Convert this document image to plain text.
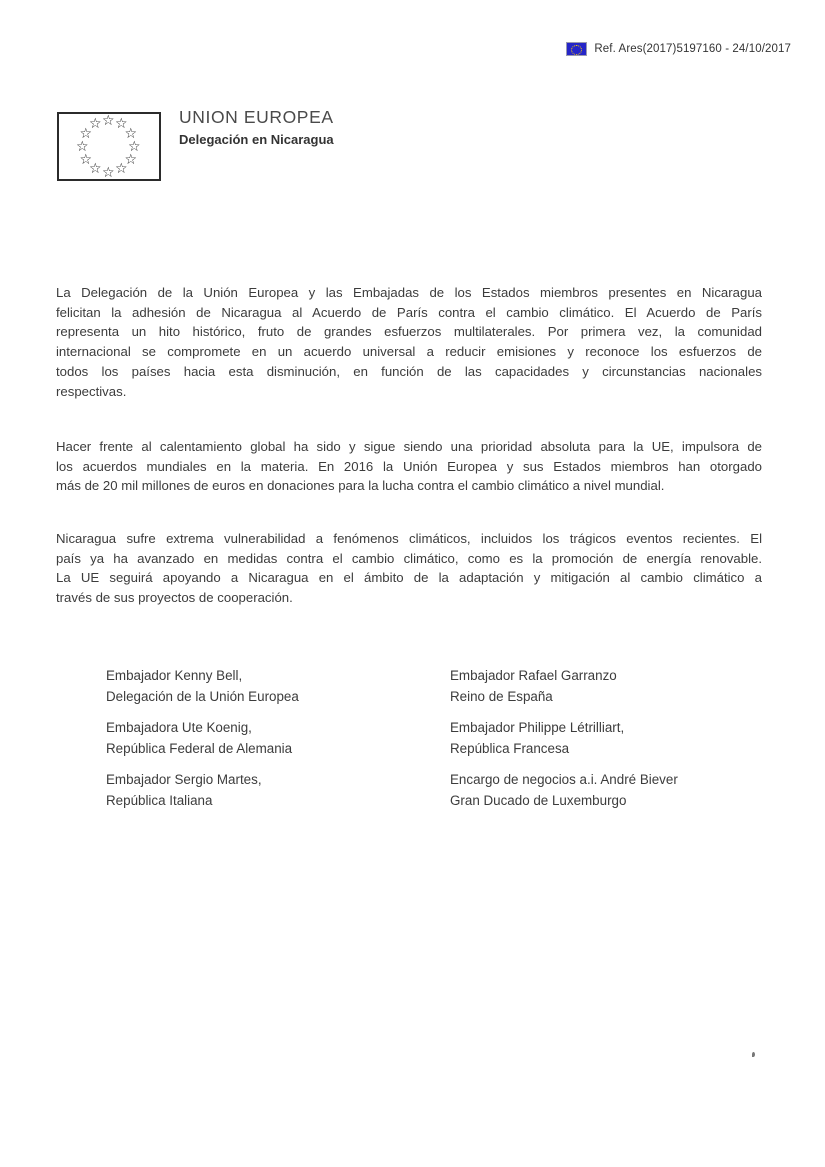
Ref. Ares(2017)5197160 - 24/10/2017
☆ ☆
☆
☆
☆
☆
☆
☆
☆
☆
☆
☆	UNION EUROPEA
Delegación en Nicaragua
La Delegación de la Unión Europea y las Embajadas de los Estados miembros presentes en Nicaragua
felicitan la adhesión de Nicaragua al Acuerdo de París contra el cambio climático. El Acuerdo de París
representa un hito histórico, fruto de grandes esfuerzos multilaterales. Por primera vez, la comunidad
internacional se compromete en un acuerdo universal a reducir emisiones y reconoce los esfuerzos de
todos los países hacia esta disminución, en función de las capacidades y circunstancias nacionales
respectivas.
Hacer frente al calentamiento global ha sido y sigue siendo una prioridad absoluta para la UE, impulsora de
los acuerdos mundiales en la materia. En 2016 la Unión Europea y sus Estados miembros han otorgado
más de 20 mil millones de euros en donaciones para la lucha contra el cambio climático a nivel mundial.
Nicaragua sufre extrema vulnerabilidad a fenómenos climáticos, incluidos los trágicos eventos recientes. El
país ya ha avanzado en medidas contra el cambio climático, como es la promoción de energía renovable.
La UE seguirá apoyando a Nicaragua en el ámbito de la adaptación y mitigación al cambio climático a
través de sus proyectos de cooperación.
Embajador Kenny Bell,
Delegación de la Unión Europea
Embajadora Ute Koenig,
República Federal de Alemania
Embajador Sergio Martes,
República Italiana
Embajador Rafael Garranzo
Reino de España
Embajador Philippe Létrilliart,
República Francesa
Encargo de negocios a.i. André Biever
Gran Ducado de Luxemburgo
